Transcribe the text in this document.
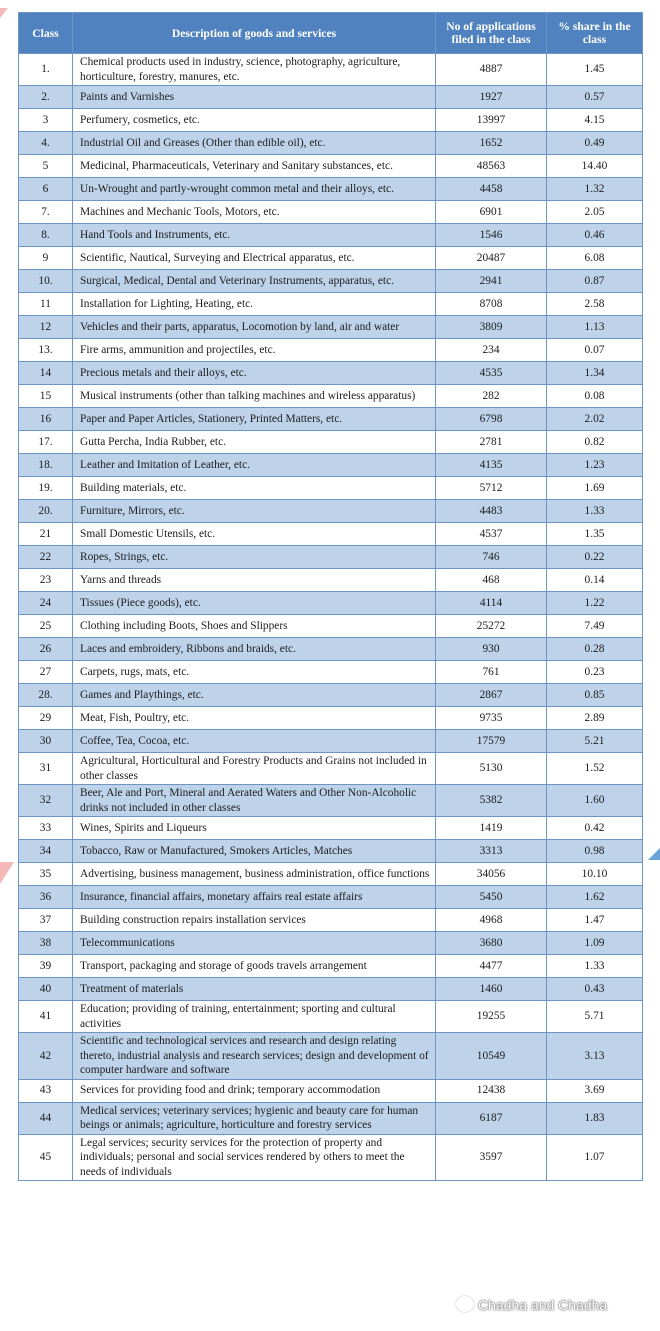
Class	Description of goods and services	No of applications filed in the class	% share in the class
1.	Chemical products used in industry, science, photography, agriculture, horticulture, forestry, manures, etc.	4887	1.45
2.	Paints and Varnishes	1927	0.57
3	Perfumery, cosmetics, etc.	13997	4.15
4.	Industrial Oil and Greases (Other than edible oil), etc.	1652	0.49
5	Medicinal, Pharmaceuticals, Veterinary and Sanitary substances, etc.	48563	14.40
6	Un-Wrought and partly-wrought common metal and their alloys, etc.	4458	1.32
7.	Machines and Mechanic Tools, Motors, etc.	6901	2.05
8.	Hand Tools and Instruments, etc.	1546	0.46
9	Scientific, Nautical, Surveying and Electrical apparatus, etc.	20487	6.08
10.	Surgical, Medical, Dental and Veterinary Instruments, apparatus, etc.	2941	0.87
11	Installation for Lighting, Heating, etc.	8708	2.58
12	Vehicles and their parts, apparatus, Locomotion by land, air and water	3809	1.13
13.	Fire arms, ammunition and projectiles, etc.	234	0.07
14	Precious metals and their alloys, etc.	4535	1.34
15	Musical instruments (other than talking machines and wireless apparatus)	282	0.08
16	Paper and Paper Articles, Stationery, Printed Matters, etc.	6798	2.02
17.	Gutta Percha, India Rubber, etc.	2781	0.82
18.	Leather and Imitation of Leather, etc.	4135	1.23
19.	Building materials, etc.	5712	1.69
20.	Furniture, Mirrors, etc.	4483	1.33
21	Small Domestic Utensils, etc.	4537	1.35
22	Ropes, Strings, etc.	746	0.22
23	Yarns and threads	468	0.14
24	Tissues (Piece goods), etc.	4114	1.22
25	Clothing including Boots, Shoes and Slippers	25272	7.49
26	Laces and embroidery, Ribbons and braids, etc.	930	0.28
27	Carpets, rugs, mats, etc.	761	0.23
28.	Games and Playthings, etc.	2867	0.85
29	Meat, Fish, Poultry, etc.	9735	2.89
30	Coffee, Tea, Cocoa, etc.	17579	5.21
31	Agricultural, Horticultural and Forestry Products and Grains not included in other classes	5130	1.52
32	Beer, Ale and Port, Mineral and Aerated Waters and Other Non-Alcoholic drinks not included in other classes	5382	1.60
33	Wines, Spirits and Liqueurs	1419	0.42
34	Tobacco, Raw or Manufactured, Smokers Articles, Matches	3313	0.98
35	Advertising, business management, business administration, office functions	34056	10.10
36	Insurance, financial affairs, monetary affairs real estate affairs	5450	1.62
37	Building construction repairs installation services	4968	1.47
38	Telecommunications	3680	1.09
39	Transport, packaging and storage of goods travels arrangement	4477	1.33
40	Treatment of materials	1460	0.43
41	Education; providing of training, entertainment; sporting and cultural activities	19255	5.71
42	Scientific and technological services and research and design relating thereto, industrial analysis and research services; design and development of computer hardware and software	10549	3.13
43	Services for providing food and drink; temporary accommodation	12438	3.69
44	Medical services; veterinary services; hygienic and beauty care for human beings or animals; agriculture, horticulture and forestry services	6187	1.83
45	Legal services; security services for the protection of property and individuals; personal and social services rendered by others to meet the needs of individuals	3597	1.07
Chadha and Chadha
